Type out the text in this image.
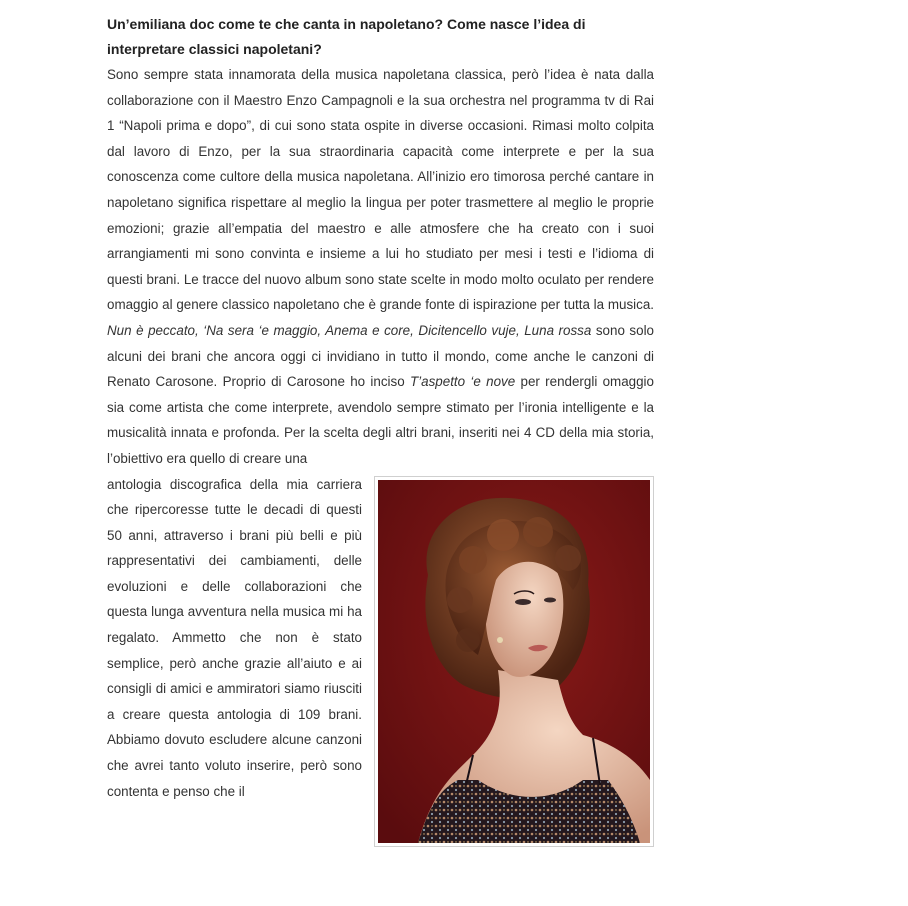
Un’emiliana doc come te che canta in napoletano? Come nasce l’idea di interpretare classici napoletani?

Sono sempre stata innamorata della musica napoletana classica, però l’idea è nata dalla collaborazione con il Maestro Enzo Campagnoli e la sua orchestra nel programma tv di Rai 1 “Napoli prima e dopo”, di cui sono stata ospite in diverse occasioni. Rimasi molto colpita dal lavoro di Enzo, per la sua straordinaria capacità come interprete e per la sua conoscenza come cultore della musica napoletana. All’inizio ero timorosa perché cantare in napoletano significa rispettare al meglio la lingua per poter trasmettere al meglio le proprie emozioni; grazie all’empatia del maestro e alle atmosfere che ha creato con i suoi arrangiamenti mi sono convinta e insieme a lui ho studiato per mesi i testi e l’idioma di questi brani. Le tracce del nuovo album sono state scelte in modo molto oculato per rendere omaggio al genere classico napoletano che è grande fonte di ispirazione per tutta la musica. Nun è peccato, ‘Na sera ‘e maggio, Anema e core, Dicitencello vuje, Luna rossa sono solo alcuni dei brani che ancora oggi ci invidiano in tutto il mondo, come anche le canzoni di Renato Carosone. Proprio di Carosone ho inciso T’aspetto ‘e nove per rendergli omaggio sia come artista che come interprete, avendolo sempre stimato per l’ironia intelligente e la musicalità innata e profonda. Per la scelta degli altri brani, inseriti nei 4 CD della mia storia, l’obiettivo era quello di creare una
antologia discografica della mia carriera che ripercoresse tutte le decadi di questi 50 anni, attraverso i brani più belli e più rappresentativi dei cambiamenti, delle evoluzioni e delle collaborazioni che questa lunga avventura nella musica mi ha regalato. Ammetto che non è stato semplice, però anche grazie all’aiuto e ai consigli di amici e ammiratori siamo riusciti a creare questa antologia di 109 brani. Abbiamo dovuto escludere alcune canzoni che avrei tanto voluto inserire, però sono contenta e penso che il
